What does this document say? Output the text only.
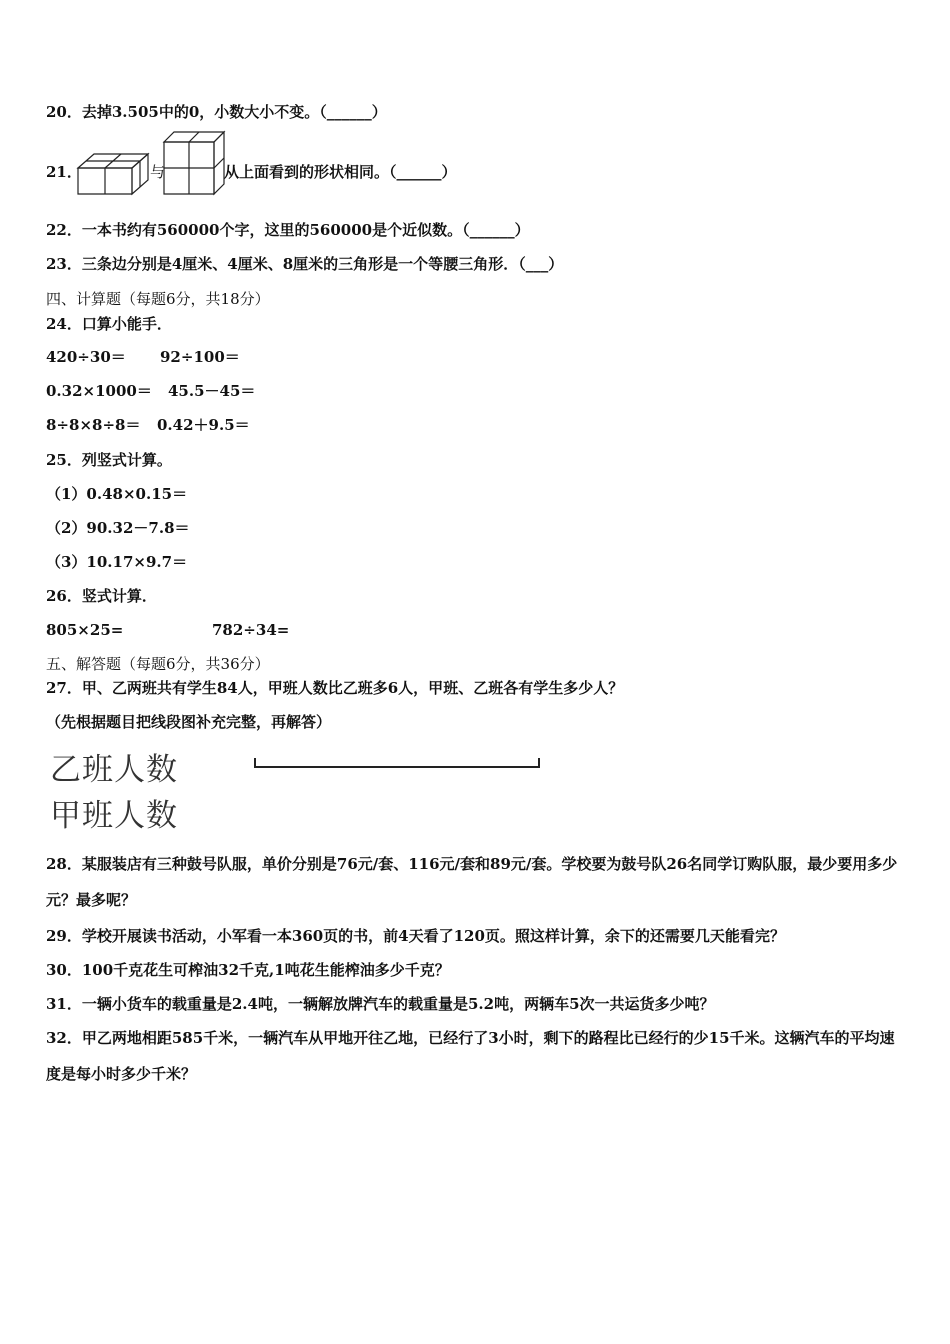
20．去掉3.505中的0，小数大小不变。（______）
21．	与	从上面看到的形状相同。（______）
22．一本书约有560000个字，这里的560000是个近似数。（______）
23．三条边分别是4厘米、4厘米、8厘米的三角形是一个等腰三角形．（___）
四、计算题（每题6分，共18分）
24．口算小能手．
420÷30＝ 92÷100＝
0.32×1000＝ 45.5－45＝
8÷8×8÷8＝ 0.42＋9.5＝
25．列竖式计算。
（1）0.48×0.15＝
（2）90.32－7.8＝
（3）10.17×9.7＝
26．竖式计算．
805×25=	782÷34=
五、解答题（每题6分，共36分）
27．甲、乙两班共有学生84人，甲班人数比乙班多6人，甲班、乙班各有学生多少人？
（先根据题目把线段图补充完整，再解答）
乙班人数
甲班人数
28．某服装店有三种鼓号队服，单价分别是76元/套、116元/套和89元/套。学校要为鼓号队26名同学订购队服，最少要用多少元？最多呢？
29．学校开展读书活动，小军看一本360页的书，前4天看了120页。照这样计算，余下的还需要几天能看完？
30．100千克花生可榨油32千克,1吨花生能榨油多少千克？
31．一辆小货车的载重量是2.4吨，一辆解放牌汽车的载重量是5.2吨，两辆车5次一共运货多少吨？
32．甲乙两地相距585千米，一辆汽车从甲地开往乙地，已经行了3小时，剩下的路程比已经行的少15千米。这辆汽车的平均速度是每小时多少千米？
